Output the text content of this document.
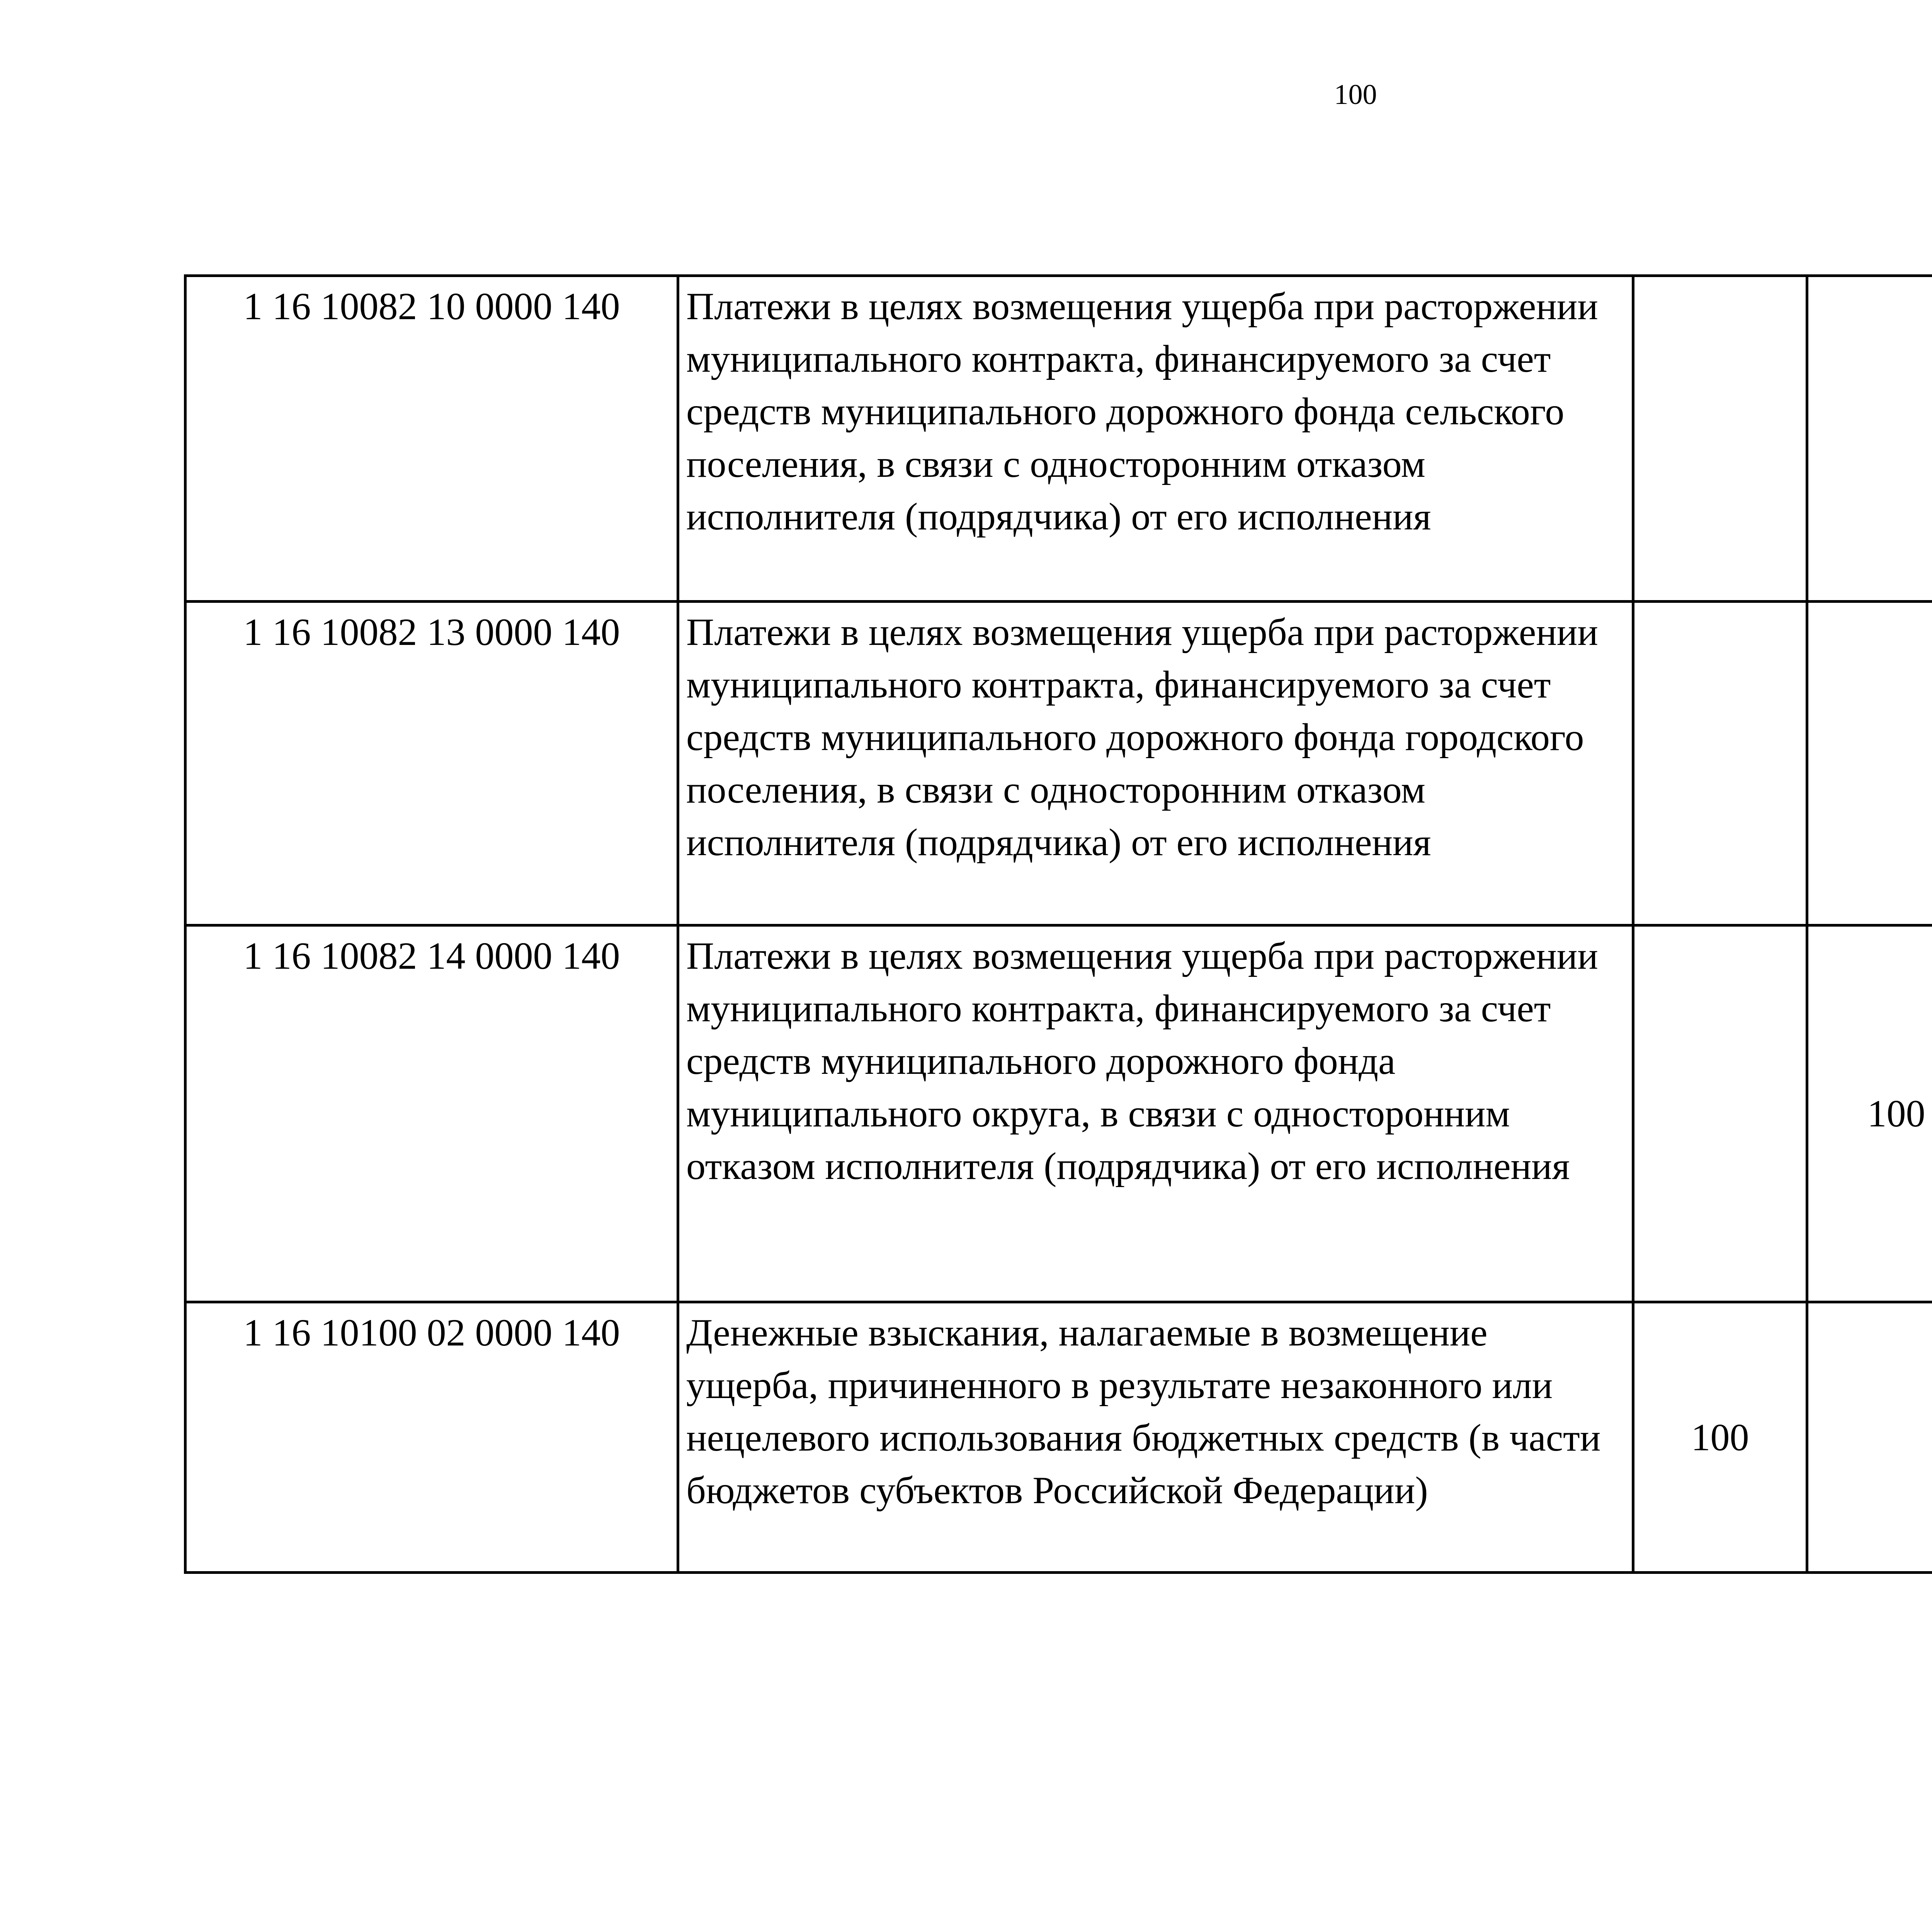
100
1 16 10082 10 0000 140	Платежи в целях возмещения ущерба при расторжении муниципального контракта, финансируемого за счет средств муниципального дорожного фонда сельского поселения, в связи с односторонним отказом исполнителя (подрядчика) от его исполнения					
1 16 10082 13 0000 140	Платежи в целях возмещения ущерба при расторжении муниципального контракта, финансируемого за счет средств муниципального дорожного фонда городского поселения, в связи с односторонним отказом исполнителя (подрядчика) от его исполнения					
1 16 10082 14 0000 140	Платежи в целях возмещения ущерба при расторжении муниципального контракта, финансируемого за счет средств муниципального дорожного фонда муниципального округа, в связи с односторонним отказом исполнителя (подрядчика) от его исполнения		100			
1 16 10100 02 0000 140	Денежные взыскания, налагаемые в возмещение ущерба, причиненного в результате незаконного или нецелевого использования бюджетных средств (в части бюджетов субъектов Российской Федерации)	100				
